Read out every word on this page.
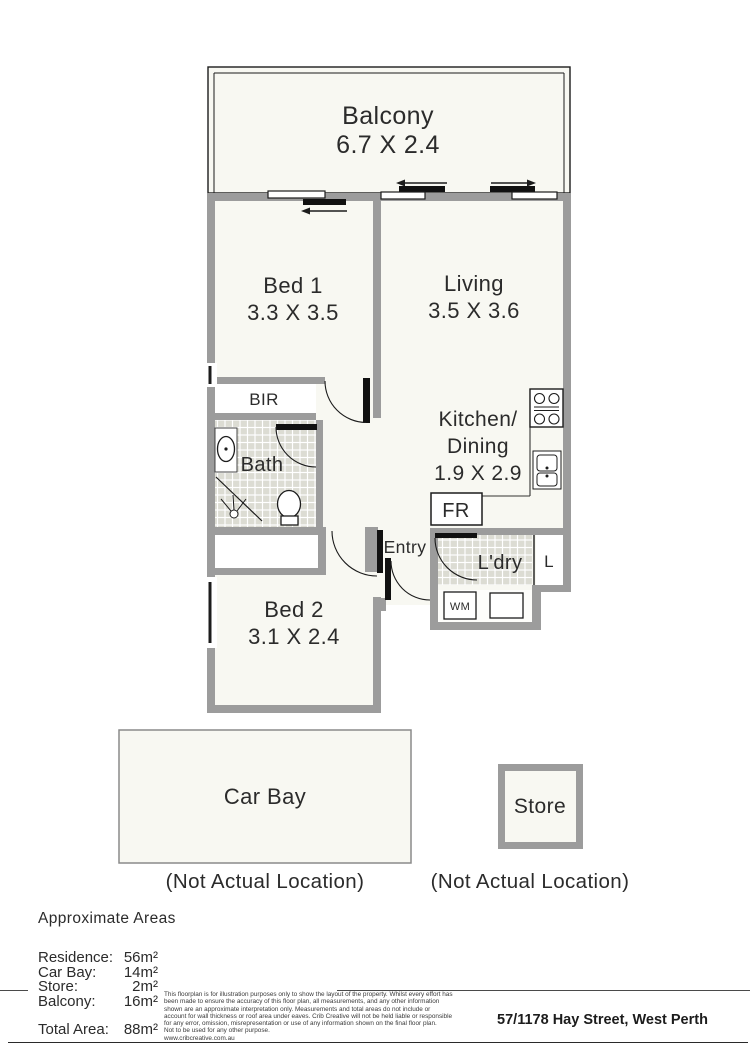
Balcony
6.7 X 2.4
Bed 1
3.3 X 3.5
Living
3.5 X 3.6
BIR
Bath
Kitchen/
Dining
1.9 X 2.9
FR
Entry
L'dry L
WM
Bed 2
3.1 X 2.4
Car Bay	Store
(Not Actual Location)	(Not Actual Location)
Approximate Areas
Residence: 56m²
Car Bay: 14m²
Store:	2m²
Balcony: 16m²
Total Area: 88m²
This floorplan is for illustration purposes only to show the layout of the property. Whilst every effort has
been made to ensure the accuracy of this floor plan, all measurements, and any other information
shown are an approximate interpretation only. Measurements and total areas do not include or
account for wall thickness or roof area under eaves. Crib Creative will not be held liable or responsible
for any error, omission, misrepresentation or use of any information shown on the final floor plan.
Not to be used for any other purpose.
www.cribcreative.com.au
57/1178 Hay Street, West Perth
